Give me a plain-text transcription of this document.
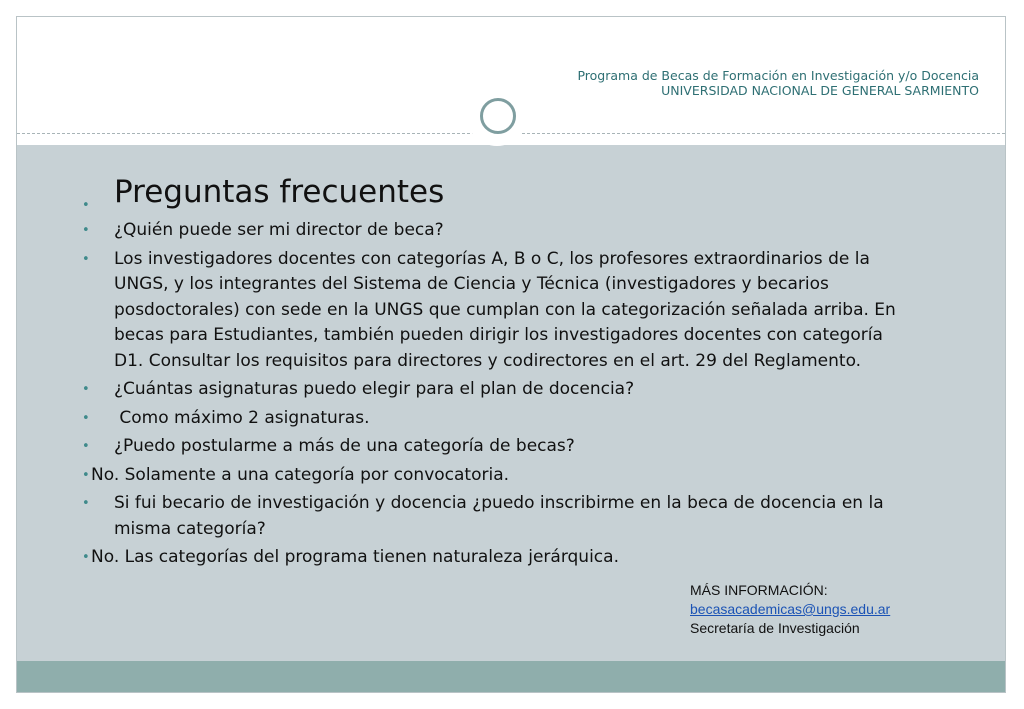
Programa de Becas de Formación en Investigación y/o Docencia
UNIVERSIDAD NACIONAL DE GENERAL SARMIENTO
• Preguntas frecuentes
•	¿Quién puede ser mi director de beca?
•	Los investigadores docentes con categorías A, B o C, los profesores extraordinarios de la UNGS, y los integrantes del Sistema de Ciencia y Técnica (investigadores y becarios posdoctorales) con sede en la UNGS que cumplan con la categorización señalada arriba. En becas para Estudiantes, también pueden dirigir los investigadores docentes con categoría D1. Consultar los requisitos para directores y codirectores en el art. 29 del Reglamento.
•	¿Cuántas asignaturas puedo elegir para el plan de docencia?
•	Como máximo 2 asignaturas.
•	¿Puedo postularme a más de una categoría de becas?
• No. Solamente a una categoría por convocatoria.
•	Si fui becario de investigación y docencia ¿puedo inscribirme en la beca de docencia en la misma categoría?
• No. Las categorías del programa tienen naturaleza jerárquica.
MÁS INFORMACIÓN:
becasacademicas@ungs.edu.ar
Secretaría de Investigación
